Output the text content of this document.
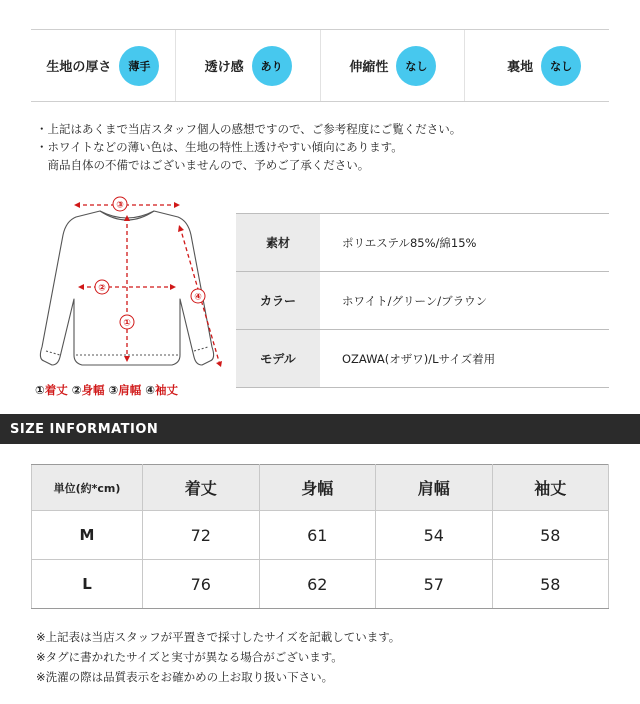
生地の厚さ	薄手	透け感	あり	伸縮性	なし	裏地	なし
・上記はあくまで当店スタッフ個人の感想ですので、ご参考程度にご覧ください。
・ホワイトなどの薄い色は、生地の特性上透けやすい傾向にあります。
　商品自体の不備ではございませんので、予めご了承ください。
③
②
①
④
①着丈 ②身幅 ③肩幅 ④袖丈
素材	ポリエステル85%/綿15%
カラー	ホワイト/グリーン/ブラウン
モデル	OZAWA(オザワ)/Lサイズ着用
SIZE INFORMATION
単位(約*cm)	着丈	身幅	肩幅	袖丈
M	72	61	54	58
L	76	62	57	58
※上記表は当店スタッフが平置きで採寸したサイズを記載しています。
※タグに書かれたサイズと実寸が異なる場合がございます。
※洗濯の際は品質表示をお確かめの上お取り扱い下さい。
